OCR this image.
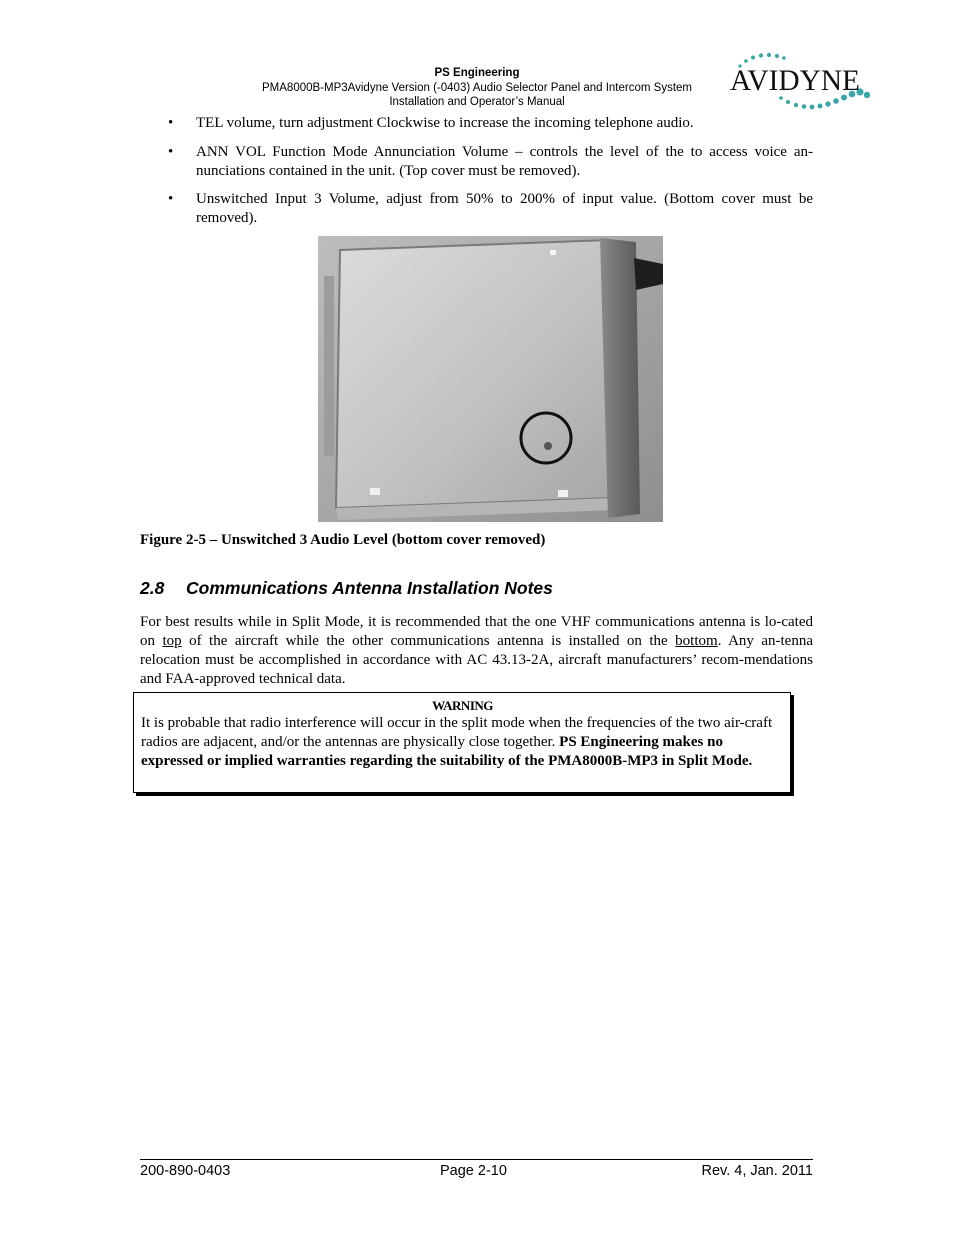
PS Engineering
PMA8000B-MP3Avidyne Version (-0403) Audio Selector Panel and Intercom System
Installation and Operator’s Manual
AVIDYNE
• TEL volume, turn adjustment Clockwise to increase the incoming telephone audio.
• ANN VOL Function Mode Annunciation Volume – controls the level of the to access voice an-nunciations contained in the unit. (Top cover must be removed).
• Unswitched Input 3 Volume, adjust from 50% to 200% of input value. (Bottom cover must be removed).
Figure 2-5 – Unswitched 3 Audio Level (bottom cover removed)
2.8 Communications Antenna Installation Notes
For best results while in Split Mode, it is recommended that the one VHF communications antenna is lo-cated on top of the aircraft while the other communications antenna is installed on the bottom. Any an-tenna relocation must be accomplished in accordance with AC 43.13-2A, aircraft manufacturers’ recom-mendations and FAA-approved technical data.
WARNING
It is probable that radio interference will occur in the split mode when the frequencies of the two air-craft radios are adjacent, and/or the antennas are physically close together. PS Engineering makes no expressed or implied warranties regarding the suitability of the PMA8000B-MP3 in Split Mode.
200-890-0403	Page 2-10	Rev. 4, Jan. 2011
